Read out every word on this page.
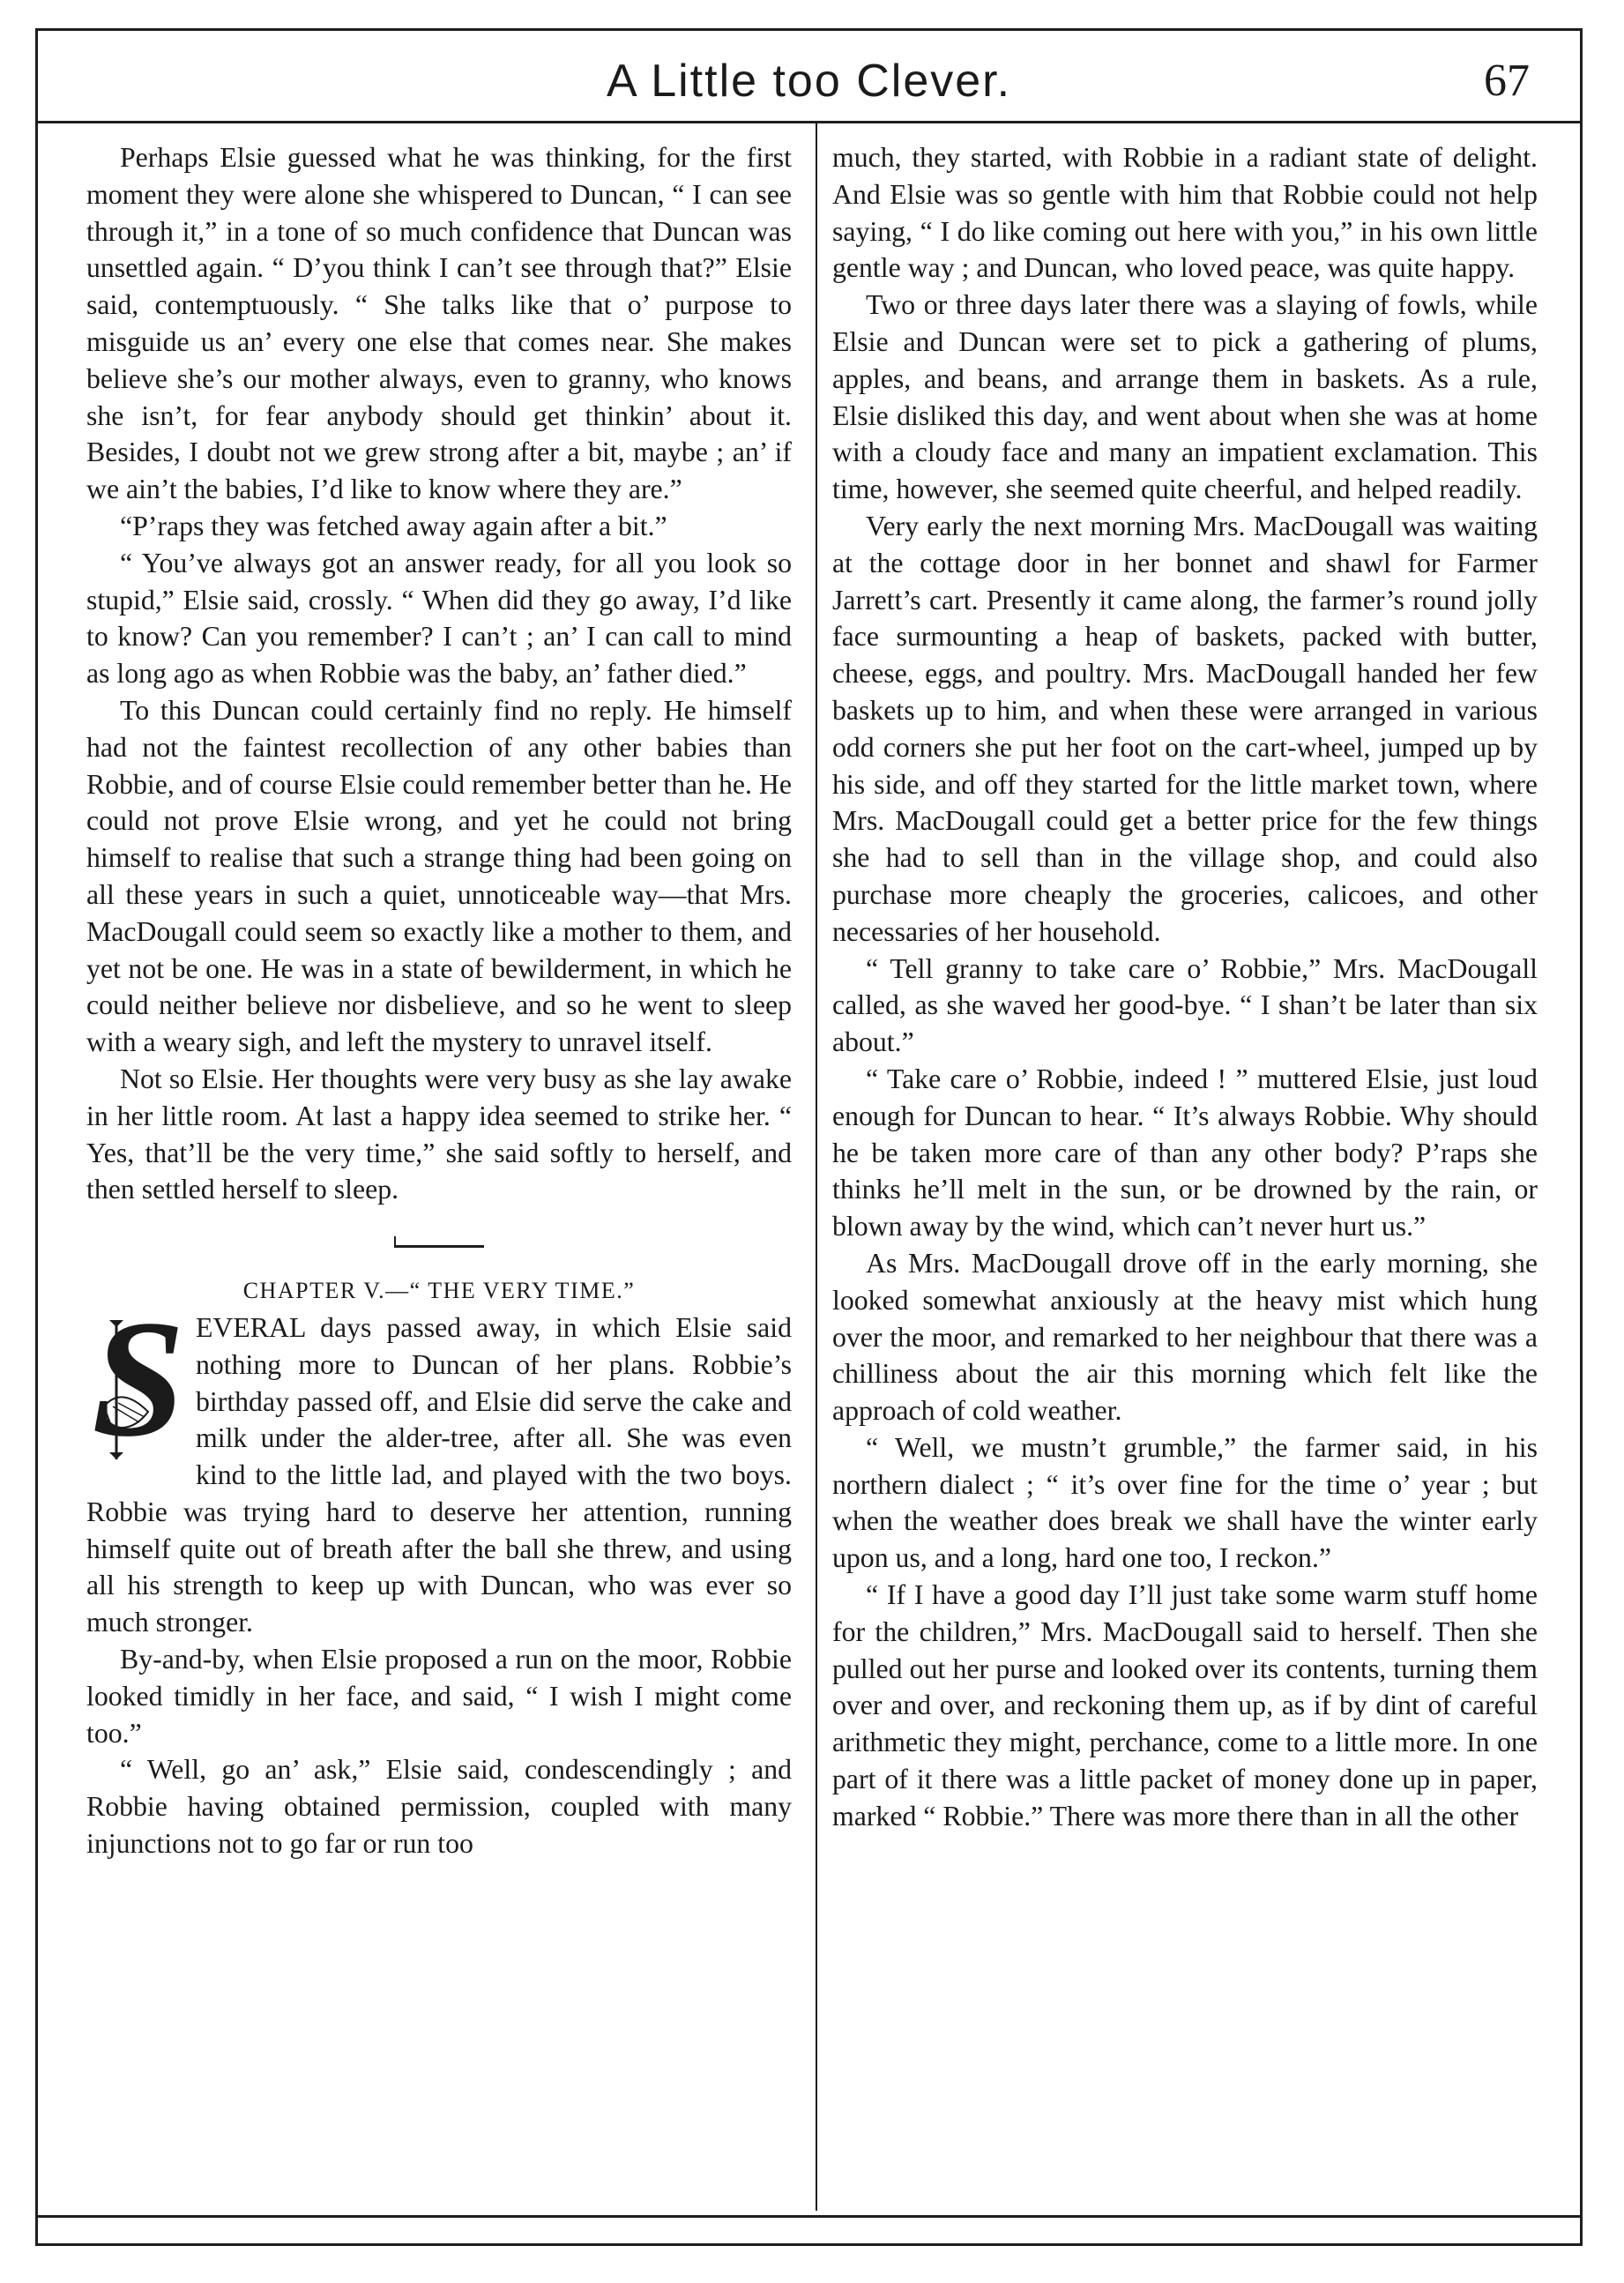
A Little too Clever.	67

Perhaps Elsie guessed what he was thinking, for the first moment they were alone she whispered to Duncan, “ I can see through it,” in a tone of so much confidence that Duncan was unsettled again. “ D’you think I can’t see through that?” Elsie said, contemptuously. “ She talks like that o’ purpose to misguide us an’ every one else that comes near. She makes believe she’s our mother always, even to granny, who knows she isn’t, for fear anybody should get thinkin’ about it. Besides, I doubt not we grew strong after a bit, maybe ; an’ if we ain’t the babies, I’d like to know where they are.”

“P’raps they was fetched away again after a bit.”

“ You’ve always got an answer ready, for all you look so stupid,” Elsie said, crossly. “ When did they go away, I’d like to know? Can you remember? I can’t ; an’ I can call to mind as long ago as when Robbie was the baby, an’ father died.”

To this Duncan could certainly find no reply. He himself had not the faintest recollection of any other babies than Robbie, and of course Elsie could remember better than he. He could not prove Elsie wrong, and yet he could not bring himself to realise that such a strange thing had been going on all these years in such a quiet, unnoticeable way—that Mrs. MacDougall could seem so exactly like a mother to them, and yet not be one. He was in a state of bewilderment, in which he could neither believe nor disbelieve, and so he went to sleep with a weary sigh, and left the mystery to unravel itself.

Not so Elsie. Her thoughts were very busy as she lay awake in her little room. At last a happy idea seemed to strike her. “ Yes, that’ll be the very time,” she said softly to herself, and then settled herself to sleep.

CHAPTER V.—“ THE VERY TIME.”
S EVERAL days passed away, in which Elsie said nothing more to Duncan of her plans. Robbie’s birthday passed off, and Elsie did serve the cake and milk under the alder-tree, after all. She was even kind to the little lad, and played with the two boys. Robbie was trying hard to deserve her attention, running himself quite out of breath after the ball she threw, and using all his strength to keep up with Duncan, who was ever so much stronger.

By-and-by, when Elsie proposed a run on the moor, Robbie looked timidly in her face, and said, “ I wish I might come too.”

“ Well, go an’ ask,” Elsie said, condescendingly ; and Robbie having obtained permission, coupled with many injunctions not to go far or run too

much, they started, with Robbie in a radiant state of delight. And Elsie was so gentle with him that Robbie could not help saying, “ I do like coming out here with you,” in his own little gentle way ; and Duncan, who loved peace, was quite happy.

Two or three days later there was a slaying of fowls, while Elsie and Duncan were set to pick a gathering of plums, apples, and beans, and arrange them in baskets. As a rule, Elsie disliked this day, and went about when she was at home with a cloudy face and many an impatient exclamation. This time, however, she seemed quite cheerful, and helped readily.

Very early the next morning Mrs. MacDougall was waiting at the cottage door in her bonnet and shawl for Farmer Jarrett’s cart. Presently it came along, the farmer’s round jolly face surmounting a heap of baskets, packed with butter, cheese, eggs, and poultry. Mrs. MacDougall handed her few baskets up to him, and when these were arranged in various odd corners she put her foot on the cart-wheel, jumped up by his side, and off they started for the little market town, where Mrs. MacDougall could get a better price for the few things she had to sell than in the village shop, and could also purchase more cheaply the groceries, calicoes, and other necessaries of her household.

“ Tell granny to take care o’ Robbie,” Mrs. MacDougall called, as she waved her good-bye. “ I shan’t be later than six about.”

“ Take care o’ Robbie, indeed ! ” muttered Elsie, just loud enough for Duncan to hear. “ It’s always Robbie. Why should he be taken more care of than any other body? P’raps she thinks he’ll melt in the sun, or be drowned by the rain, or blown away by the wind, which can’t never hurt us.”

As Mrs. MacDougall drove off in the early morning, she looked somewhat anxiously at the heavy mist which hung over the moor, and remarked to her neighbour that there was a chilliness about the air this morning which felt like the approach of cold weather.

“ Well, we mustn’t grumble,” the farmer said, in his northern dialect ; “ it’s over fine for the time o’ year ; but when the weather does break we shall have the winter early upon us, and a long, hard one too, I reckon.”

“ If I have a good day I’ll just take some warm stuff home for the children,” Mrs. MacDougall said to herself. Then she pulled out her purse and looked over its contents, turning them over and over, and reckoning them up, as if by dint of careful arithmetic they might, perchance, come to a little more. In one part of it there was a little packet of money done up in paper, marked “ Robbie.” There was more there than in all the other
